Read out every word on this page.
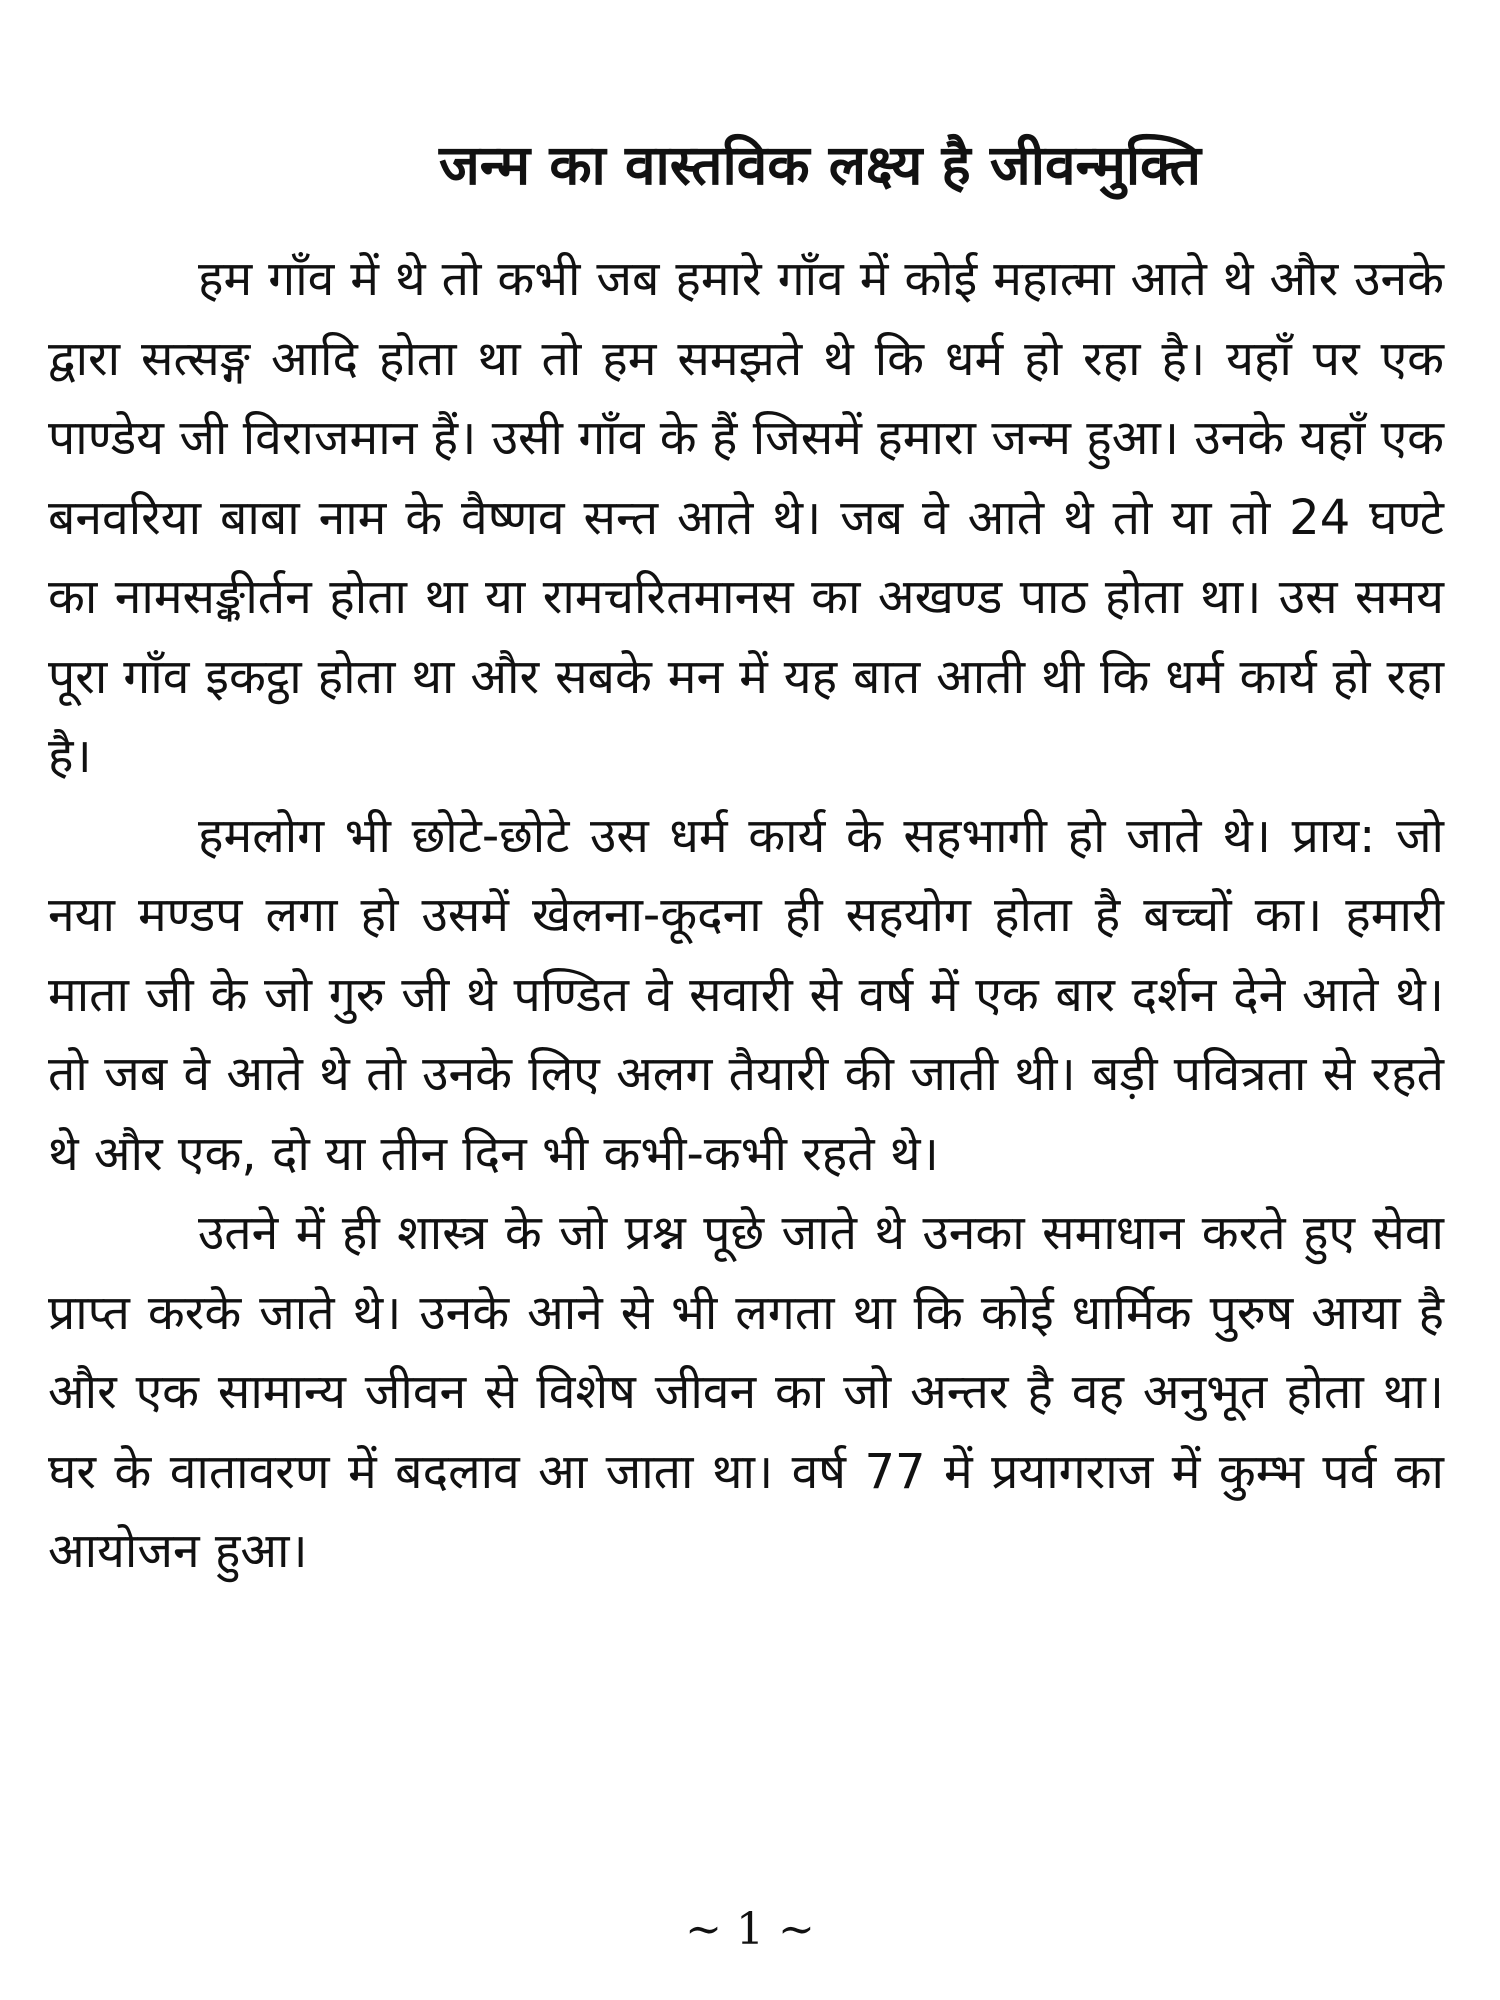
जन्म का वास्तविक लक्ष्य है जीवन्मुक्ति

हम गाँव में थे तो कभी जब हमारे गाँव में कोई महात्मा आते थे और उनके द्वारा सत्सङ्ग आदि होता था तो हम समझते थे कि धर्म हो रहा है। यहाँ पर एक पाण्डेय जी विराजमान हैं। उसी गाँव के हैं जिसमें हमारा जन्म हुआ। उनके यहाँ एक बनवरिया बाबा नाम के वैष्णव सन्त आते थे। जब वे आते थे तो या तो 24 घण्टे का नामसङ्कीर्तन होता था या रामचरितमानस का अखण्ड पाठ होता था। उस समय पूरा गाँव इकट्ठा होता था और सबके मन में यह बात आती थी कि धर्म कार्य हो रहा है।

हमलोग भी छोटे-छोटे उस धर्म कार्य के सहभागी हो जाते थे। प्राय: जो नया मण्डप लगा हो उसमें खेलना-कूदना ही सहयोग होता है बच्चों का। हमारी माता जी के जो गुरु जी थे पण्डित वे सवारी से वर्ष में एक बार दर्शन देने आते थे। तो जब वे आते थे तो उनके लिए अलग तैयारी की जाती थी। बड़ी पवित्रता से रहते थे और एक, दो या तीन दिन भी कभी-कभी रहते थे।

उतने में ही शास्त्र के जो प्रश्न पूछे जाते थे उनका समाधान करते हुए सेवा प्राप्त करके जाते थे। उनके आने से भी लगता था कि कोई धार्मिक पुरुष आया है और एक सामान्य जीवन से विशेष जीवन का जो अन्तर है वह अनुभूत होता था। घर के वातावरण में बदलाव आ जाता था। वर्ष 77 में प्रयागराज में कुम्भ पर्व का आयोजन हुआ।

~ 1 ~
